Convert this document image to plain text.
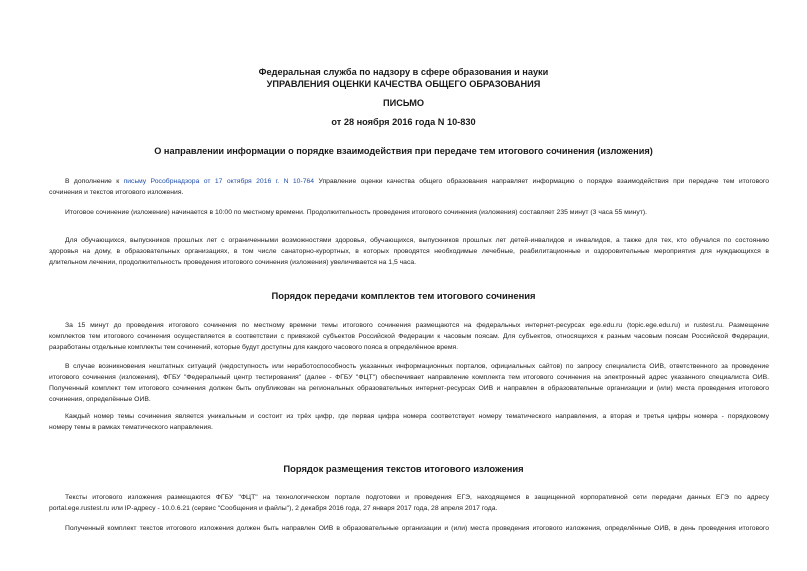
Федеральная служба по надзору в сфере образования и науки
УПРАВЛЕНИЯ ОЦЕНКИ КАЧЕСТВА ОБЩЕГО ОБРАЗОВАНИЯ
ПИСЬМО
от 28 ноября 2016 года N 10-830
О направлении информации о порядке взаимодействия при передаче тем итогового сочинения (изложения)
В дополнение к письму Рособрнадзора от 17 октября 2016 г. N 10-764 Управление оценки качества общего образования направляет информацию о порядке взаимодействия при передаче тем итогового
сочинения и текстов итогового изложения.
Итоговое сочинение (изложение) начинается в 10:00 по местному времени. Продолжительность проведения итогового сочинения (изложения) составляет 235 минут (3 часа 55 минут).
Для обучающихся, выпускников прошлых лет с ограниченными возможностями здоровья, обучающихся, выпускников прошлых лет детей-инвалидов и инвалидов, а также для тех, кто обучался по состоянию
здоровья на дому, в образовательных организациях, в том числе санаторно-курортных, в которых проводятся необходимые лечебные, реабилитационные и оздоровительные мероприятия для нуждающихся в
длительном лечении, продолжительность проведения итогового сочинения (изложения) увеличивается на 1,5 часа.
Порядок передачи комплектов тем итогового сочинения
За 15 минут до проведения итогового сочинения по местному времени темы итогового сочинения размещаются на федеральных интернет-ресурсах ege.edu.ru (topic.ege.edu.ru) и rustest.ru. Размещение
комплектов тем итогового сочинения осуществляется в соответствии с привязкой субъектов Российской Федерации к часовым поясам. Для субъектов, относящихся к разным часовым поясам Российской Федерации,
разработаны отдельные комплекты тем сочинений, которые будут доступны для каждого часового пояса в определённое время.
В случае возникновения нештатных ситуаций (недоступность или неработоспособность указанных информационных порталов, официальных сайтов) по запросу специалиста ОИВ, ответственного за проведение
итогового сочинения (изложения), ФГБУ "Федеральный центр тестирования" (далее - ФГБУ "ФЦТ") обеспечивает направление комплекта тем итогового сочинения на электронный адрес указанного специалиста ОИВ.
Полученный комплект тем итогового сочинения должен быть опубликован на региональных образовательных интернет-ресурсах ОИВ и направлен в образовательные организации и (или) места проведения итогового
сочинения, определённые ОИВ.
Каждый номер темы сочинения является уникальным и состоит из трёх цифр, где первая цифра номера соответствует номеру тематического направления, а вторая и третья цифры номера - порядковому
номеру темы в рамках тематического направления.
Порядок размещения текстов итогового изложения
Тексты итогового изложения размещаются ФГБУ "ФЦТ" на технологическом портале подготовки и проведения ЕГЭ, находящемся в защищенной корпоративной сети передачи данных ЕГЭ по адресу
portal.ege.rustest.ru или IP-адресу - 10.0.6.21 (сервис "Сообщения и файлы"), 2 декабря 2016 года, 27 января 2017 года, 28 апреля 2017 года.
Полученный комплект текстов итогового изложения должен быть направлен ОИВ в образовательные организации и (или) места проведения итогового изложения, определённые ОИВ, в день проведения итогового
